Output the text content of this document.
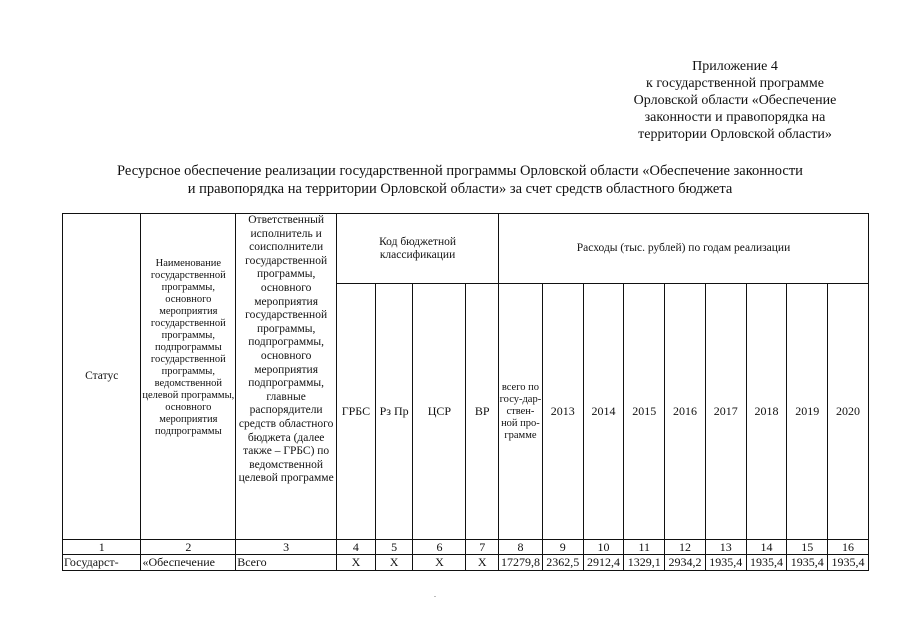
Приложение 4
к государственной программе
Орловской области «Обеспечение
законности и правопорядка на
территории Орловской области»
Ресурсное обеспечение реализации государственной программы Орловской области «Обеспечение законности
и правопорядка на территории Орловской области» за счет средств областного бюджета
Статус	Наименование государственной программы, основного мероприятия государственной программы, подпрограммы государственной программы, ведомственной целевой программы, основного мероприятия подпрограммы	Ответственный исполнитель и соисполнители государственной программы, основного мероприятия государственной программы, подпрограммы, основного мероприятия подпрограммы, главные распорядители средств областного бюджета (далее также – ГРБС) по ведомственной целевой программе	Код бюджетной классификации				Расходы (тыс. рублей) по годам реализации								
			ГРБС	Рз Пр	ЦСР	ВР	всего по госу-дар-ствен-ной про-грамме	2013	2014	2015	2016	2017	2018	2019	2020
1	2	3	4	5	6	7	8	9	10	11	12	13	14	15	16
Государст-	«Обеспечение	Всего	Х	Х	Х	Х	17279,8	2362,5	2912,4	1329,1	2934,2	1935,4	1935,4	1935,4	1935,4
